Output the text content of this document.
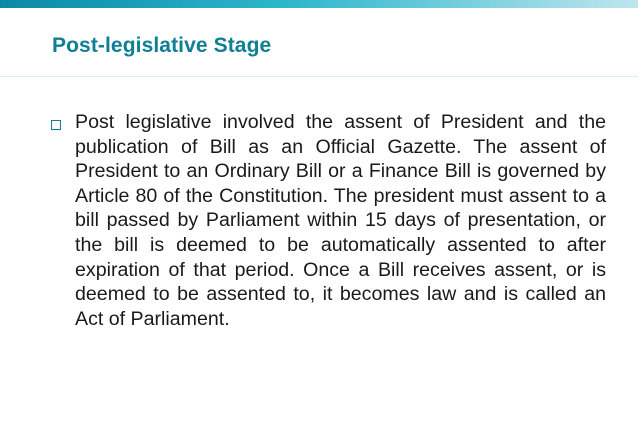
Post-legislative Stage
Post legislative involved the assent of President and the publication of Bill as an Official Gazette. The assent of President to an Ordinary Bill or a Finance Bill is governed by Article 80 of the Constitution. The president must assent to a bill passed by Parliament within 15 days of presentation, or the bill is deemed to be automatically assented to after expiration of that period. Once a Bill receives assent, or is deemed to be assented to, it becomes law and is called an Act of Parliament.
